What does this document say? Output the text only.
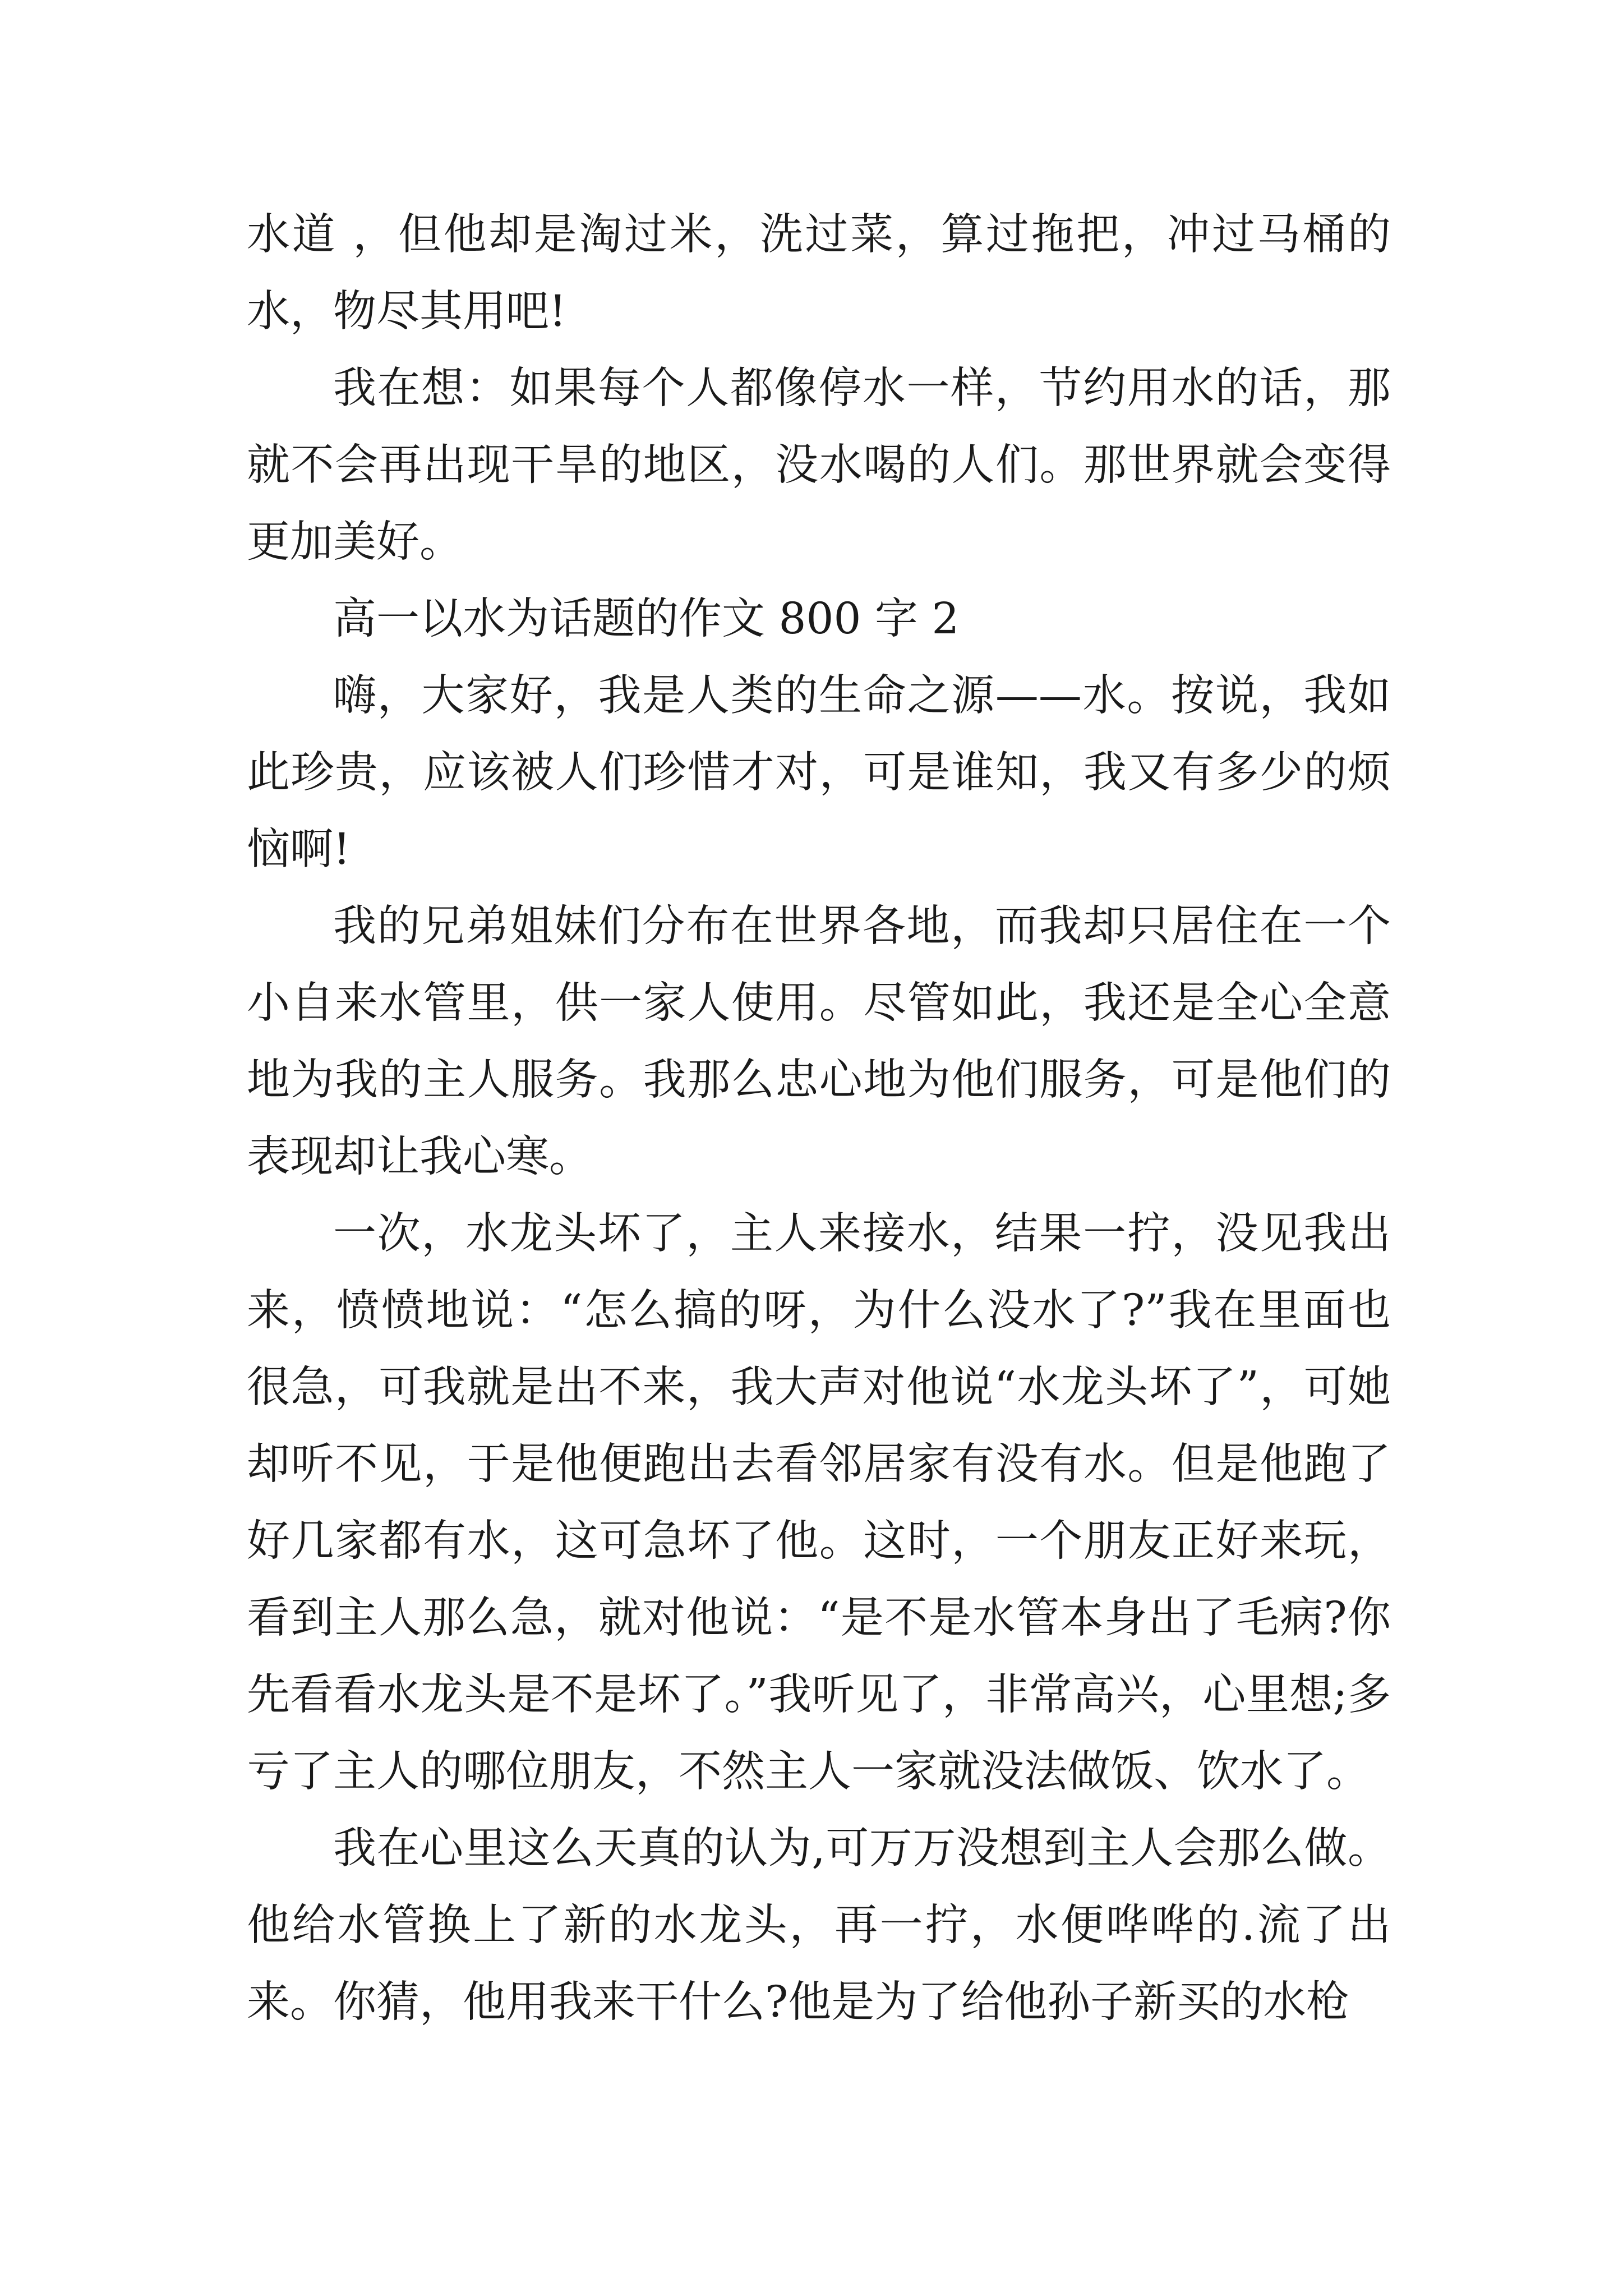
水道 ，但他却是淘过米，洗过菜，算过拖把，冲过马桶的水，物尽其用吧!

我在想：如果每个人都像停水一样，节约用水的话，那就不会再出现干旱的地区，没水喝的人们。那世界就会变得更加美好。

高一以水为话题的作文 800 字 2

嗨，大家好，我是人类的生命之源——水。按说，我如此珍贵，应该被人们珍惜才对，可是谁知，我又有多少的烦恼啊!

我的兄弟姐妹们分布在世界各地，而我却只居住在一个小自来水管里，供一家人使用。尽管如此，我还是全心全意地为我的主人服务。我那么忠心地为他们服务，可是他们的表现却让我心寒。

一次，水龙头坏了，主人来接水，结果一拧，没见我出来，愤愤地说：“怎么搞的呀，为什么没水了?”我在里面也很急，可我就是出不来，我大声对他说“水龙头坏了”，可她却听不见，于是他便跑出去看邻居家有没有水。但是他跑了好几家都有水，这可急坏了他。这时，一个朋友正好来玩，看到主人那么急，就对他说：“是不是水管本身出了毛病?你先看看水龙头是不是坏了。”我听见了，非常高兴，心里想;多亏了主人的哪位朋友，不然主人一家就没法做饭、饮水了。

我在心里这么天真的认为,可万万没想到主人会那么做。他给水管换上了新的水龙头，再一拧，水便哗哗的.流了出来。你猜，他用我来干什么?他是为了给他孙子新买的水枪
